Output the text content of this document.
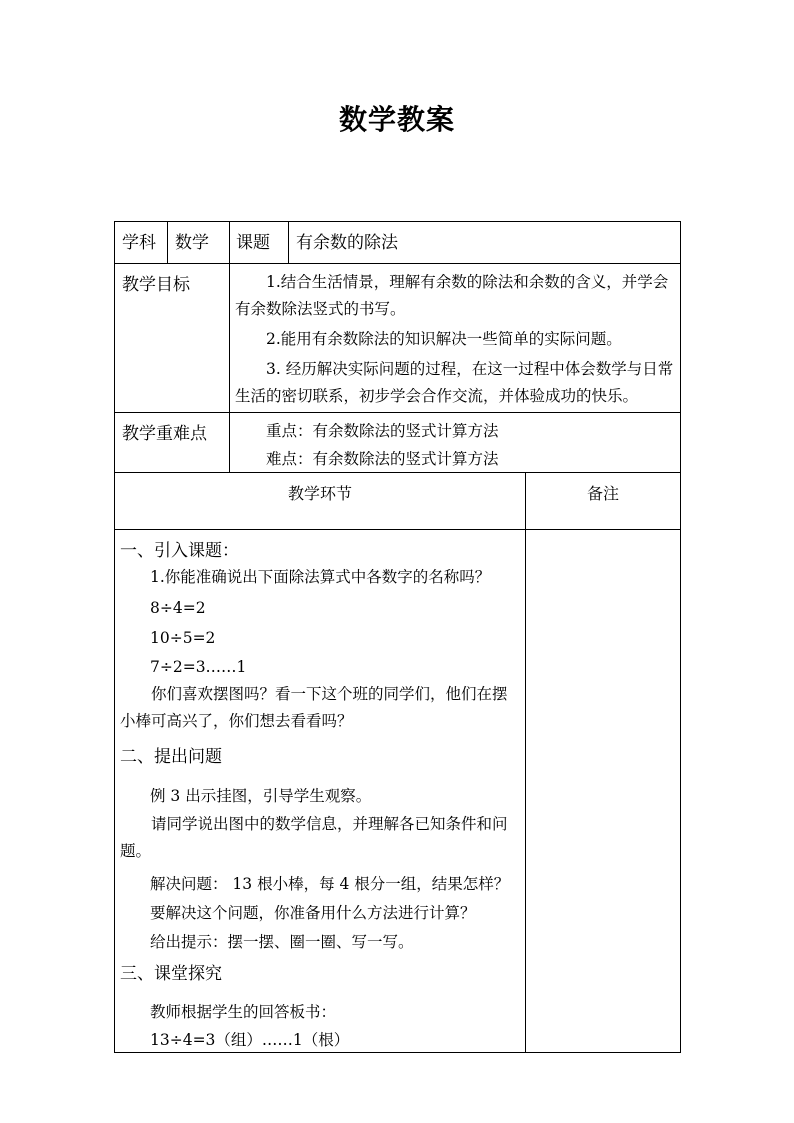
数学教案
学科 数学 课题 有余数的除法
教学目标	1.结合生活情景，理解有余数的除法和余数的含义，并学会有余数除法竖式的书写。
2.能用有余数除法的知识解决一些简单的实际问题。
3. 经历解决实际问题的过程，在这一过程中体会数学与日常生活的密切联系，初步学会合作交流，并体验成功的快乐。
教学重难点	重点：有余数除法的竖式计算方法
难点：有余数除法的竖式计算方法
教学环节	备注
一、引入课题：
1.你能准确说出下面除法算式中各数字的名称吗？
8÷4=2
10÷5=2
7÷2=3……1
你们喜欢摆图吗？看一下这个班的同学们，他们在摆小棒可高兴了，你们想去看看吗？
二、提出问题
例 3 出示挂图，引导学生观察。
请同学说出图中的数学信息，并理解各已知条件和问题。
解决问题： 13 根小棒，每 4 根分一组，结果怎样？
要解决这个问题，你准备用什么方法进行计算？
给出提示：摆一摆、圈一圈、写一写。
三、课堂探究
教师根据学生的回答板书：
13÷4=3（组）……1（根）
